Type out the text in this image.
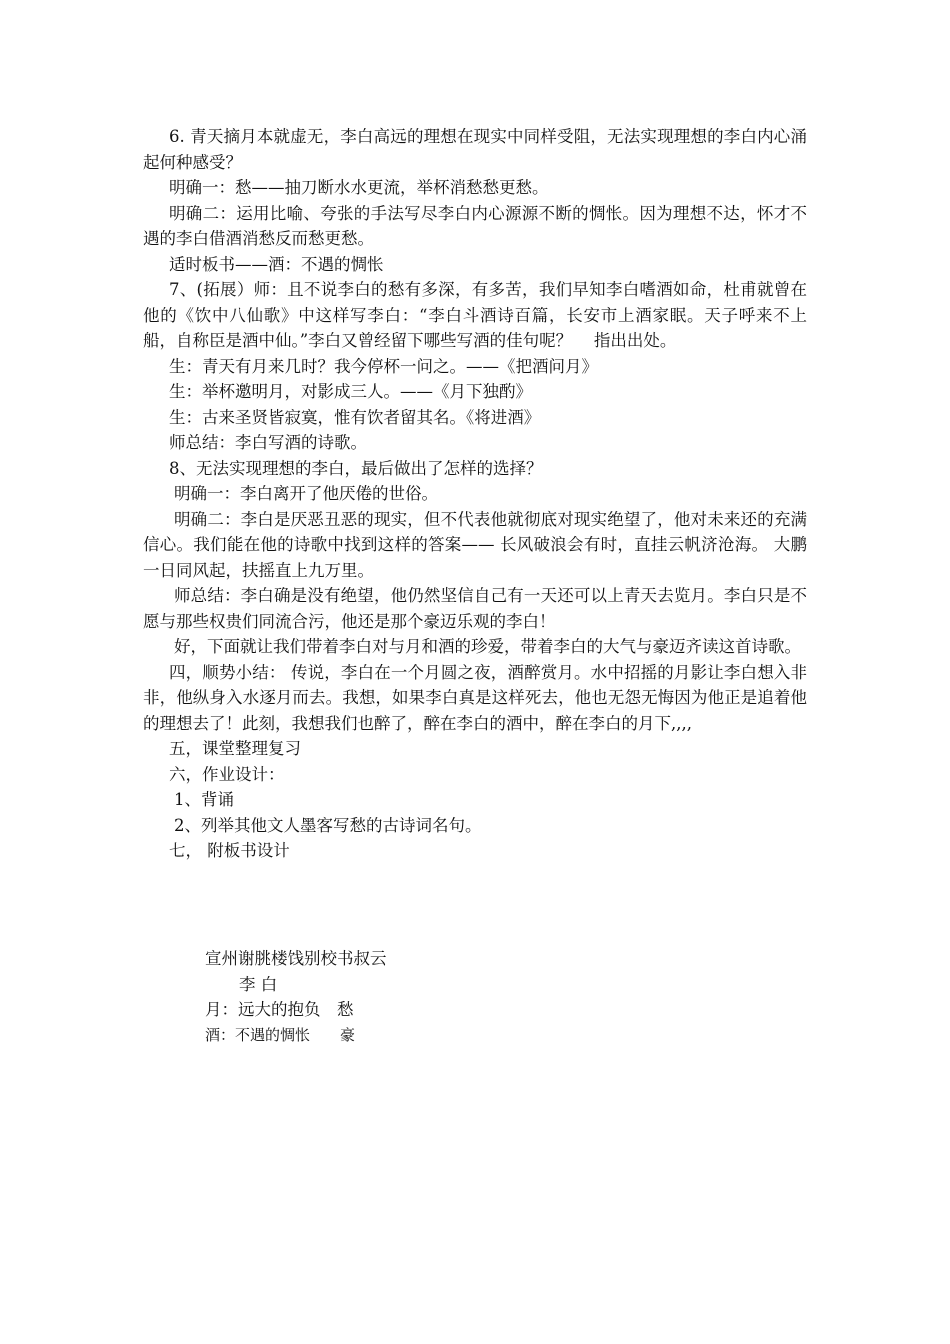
6. 青天摘月本就虚无，李白高远的理想在现实中同样受阻，无法实现理想的李白内心涌起何种感受？

明确一：愁——抽刀断水水更流，举杯消愁愁更愁。

明确二：运用比喻、夸张的手法写尽李白内心源源不断的惆怅。因为理想不达，怀才不遇的李白借酒消愁反而愁更愁。

适时板书——酒：不遇的惆怅

7、(拓展）师：且不说李白的愁有多深，有多苦，我们早知李白嗜酒如命，杜甫就曾在他的《饮中八仙歌》中这样写李白：“李白斗酒诗百篇，长安市上酒家眠。天子呼来不上船，自称臣是酒中仙。”李白又曾经留下哪些写酒的佳句呢？　 指出出处。

生：青天有月来几时？我今停杯一问之。——《把酒问月》

生：举杯邀明月，对影成三人。——《月下独酌》

生：古来圣贤皆寂寞，惟有饮者留其名。《将进酒》

师总结：李白写酒的诗歌。

8、无法实现理想的李白，最后做出了怎样的选择？

明确一：李白离开了他厌倦的世俗。

明确二：李白是厌恶丑恶的现实，但不代表他就彻底对现实绝望了，他对未来还的充满信心。我们能在他的诗歌中找到这样的答案—— 长风破浪会有时，直挂云帆济沧海。 大鹏一日同风起，扶摇直上九万里。

师总结：李白确是没有绝望，他仍然坚信自己有一天还可以上青天去览月。李白只是不愿与那些权贵们同流合污，他还是那个豪迈乐观的李白！

好，下面就让我们带着李白对与月和酒的珍爱，带着李白的大气与豪迈齐读这首诗歌。

四，顺势小结： 传说，李白在一个月圆之夜，酒醉赏月。水中招摇的月影让李白想入非非，他纵身入水逐月而去。我想，如果李白真是这样死去，他也无怨无悔因为他正是追着他的理想去了！此刻，我想我们也醉了，醉在李白的酒中，醉在李白的月下,,,,

五，课堂整理复习

六，作业设计：

1、背诵

2、列举其他文人墨客写愁的古诗词名句。

七， 附板书设计

宣州谢朓楼饯别校书叔云
李 白
月：远大的抱负　愁
酒：不遇的惆怅　　豪
